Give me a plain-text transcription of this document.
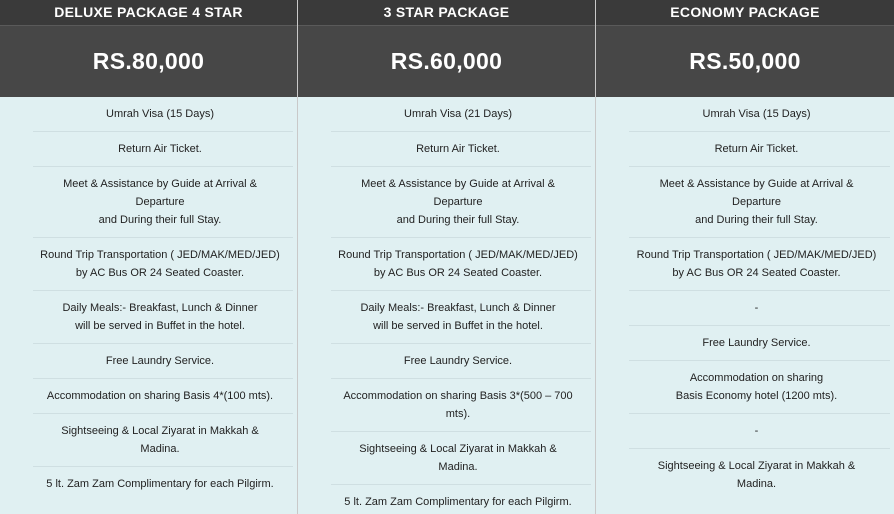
DELUXE PACKAGE 4 STAR
RS.80,000
Umrah Visa (15 Days)
Return Air Ticket.
Meet & Assistance by Guide at Arrival &
Departure
and During their full Stay.
Round Trip Transportation ( JED/MAK/MED/JED)
by AC Bus OR 24 Seated Coaster.
Daily Meals:- Breakfast, Lunch & Dinner
will be served in Buffet in the hotel.
Free Laundry Service.
Accommodation on sharing Basis 4*(100 mts).
Sightseeing & Local Ziyarat in Makkah &
Madina.
5 lt. Zam Zam Complimentary for each Pilgirm.
3 STAR PACKAGE
RS.60,000
Umrah Visa (21 Days)
Return Air Ticket.
Meet & Assistance by Guide at Arrival &
Departure
and During their full Stay.
Round Trip Transportation ( JED/MAK/MED/JED)
by AC Bus OR 24 Seated Coaster.
Daily Meals:- Breakfast, Lunch & Dinner
will be served in Buffet in the hotel.
Free Laundry Service.
Accommodation on sharing Basis 3*(500 – 700
mts).
Sightseeing & Local Ziyarat in Makkah &
Madina.
5 lt. Zam Zam Complimentary for each Pilgirm.
ECONOMY PACKAGE
RS.50,000
Umrah Visa (15 Days)
Return Air Ticket.
Meet & Assistance by Guide at Arrival &
Departure
and During their full Stay.
Round Trip Transportation ( JED/MAK/MED/JED)
by AC Bus OR 24 Seated Coaster.
-
Free Laundry Service.
Accommodation on sharing
Basis Economy hotel (1200 mts).
-
Sightseeing & Local Ziyarat in Makkah &
Madina.
